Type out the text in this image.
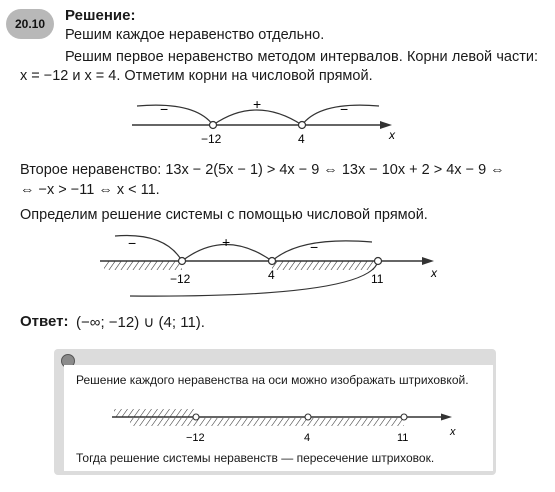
20.10 Решение:
Решим каждое неравенство отдельно.
Решим первое неравенство методом интервалов. Корни левой части: x = −12 и x = 4. Отметим корни на числовой прямой.
−	+	−
−12	4	x
Второе неравенство: 13x − 2(5x − 1) > 4x − 9 ⇔ 13x − 10x + 2 > 4x − 9 ⇔
⇔ −x > −11 ⇔ x < 11.
Определим решение системы с помощью числовой прямой.
−	+	−
−12	4	11	x
Ответ: (−∞; −12) ∪ (4; 11).
Решение каждого неравенства на оси можно изображать штриховкой.
−12	4	11	x
Тогда решение системы неравенств — пересечение штриховок.
